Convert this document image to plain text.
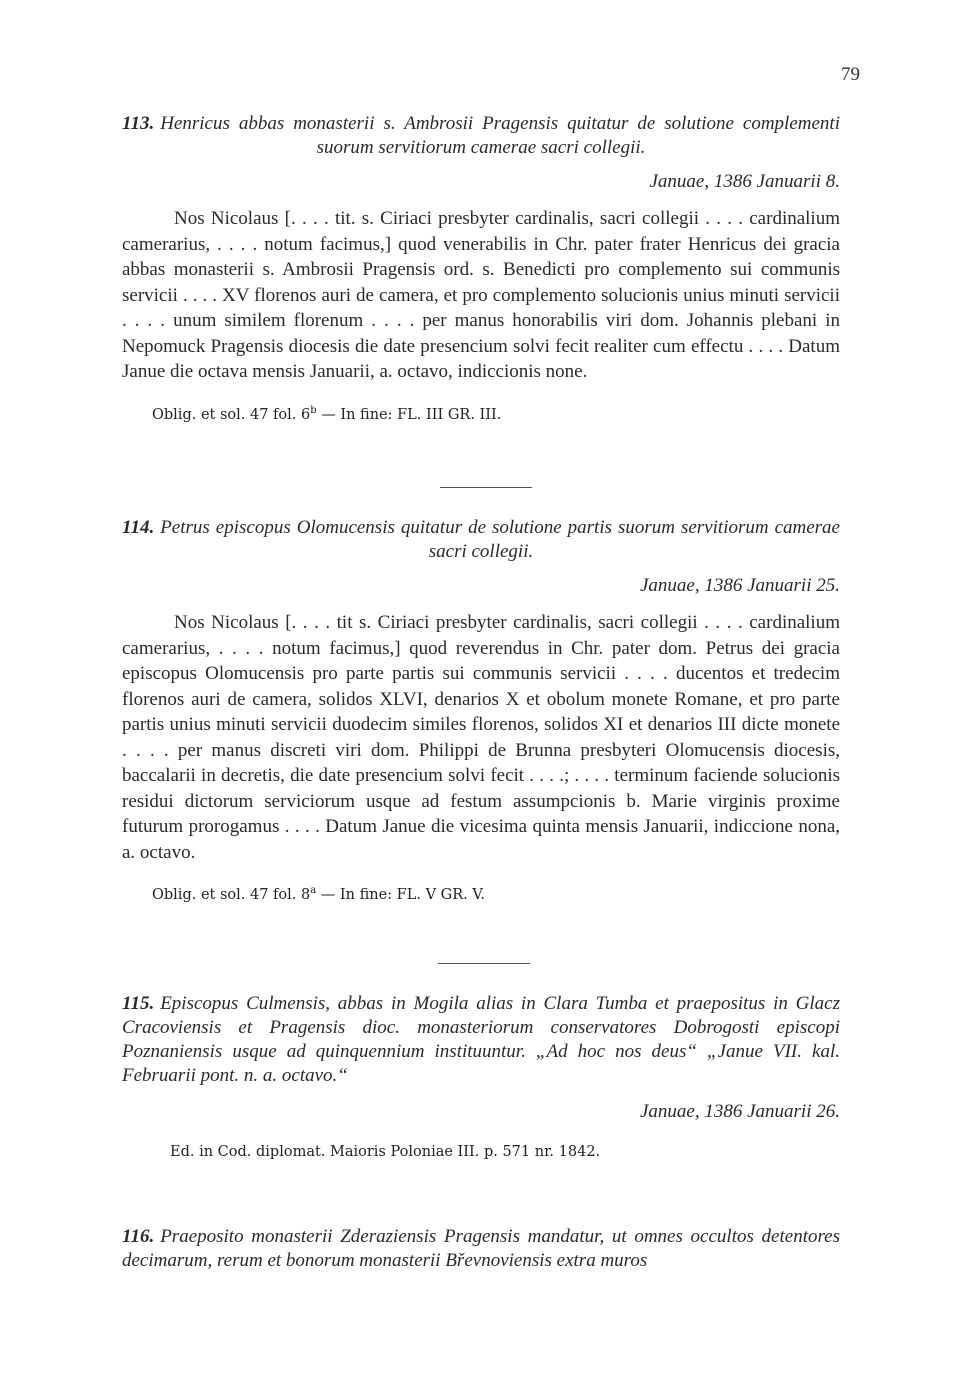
79

113. Henricus abbas monasterii s. Ambrosii Pragensis quitatur de solutione complementi suorum servitiorum camerae sacri collegii.

Januae, 1386 Januarii 8.

Nos Nicolaus [. . . . tit. s. Ciriaci presbyter cardinalis, sacri collegii . . . . cardinalium camerarius, . . . . notum facimus,] quod venerabilis in Chr. pater frater Henricus dei gracia abbas monasterii s. Ambrosii Pragensis ord. s. Benedicti pro complemento sui communis servicii . . . . XV florenos auri de camera, et pro complemento solucionis unius minuti servicii . . . . unum similem florenum . . . . per manus honorabilis viri dom. Johannis plebani in Nepomuck Pragensis diocesis die date presencium solvi fecit realiter cum effectu . . . . Datum Janue die octava mensis Januarii, a. octavo, indiccionis none.

Oblig. et sol. 47 fol. 6$^b$ — In fine: FL. III GR. III.

114. Petrus episcopus Olomucensis quitatur de solutione partis suorum servitiorum camerae sacri collegii.

Januae, 1386 Januarii 25.

Nos Nicolaus [. . . . tit s. Ciriaci presbyter cardinalis, sacri collegii . . . . cardinalium camerarius, . . . . notum facimus,] quod reverendus in Chr. pater dom. Petrus dei gracia episcopus Olomucensis pro parte partis sui communis servicii . . . . ducentos et tredecim florenos auri de camera, solidos XLVI, denarios X et obolum monete Romane, et pro parte partis unius minuti servicii duodecim similes florenos, solidos XI et denarios III dicte monete . . . . per manus discreti viri dom. Philippi de Brunna presbyteri Olomucensis diocesis, baccalarii in decretis, die date presencium solvi fecit . . . .; . . . . terminum faciende solucionis residui dictorum serviciorum usque ad festum assumpcionis b. Marie virginis proxime futurum prorogamus . . . . Datum Janue die vicesima quinta mensis Januarii, indiccione nona, a. octavo.

Oblig. et sol. 47 fol. 8$^a$ — In fine: FL. V GR. V.

115. Episcopus Culmensis, abbas in Mogila alias in Clara Tumba et praepositus in Glacz Cracoviensis et Pragensis dioc. monasteriorum conservatores Dobrogosti episcopi Poznaniensis usque ad quinquennium instituuntur. „Ad hoc nos deus“ „Janue VII. kal. Februarii pont. n. a. octavo.“

Januae, 1386 Januarii 26.

Ed. in Cod. diplomat. Maioris Poloniae III. p. 571 nr. 1842.

116. Praeposito monasterii Zderaziensis Pragensis mandatur, ut omnes occultos detentores decimarum, rerum et bonorum monasterii Břevnoviensis extra muros
